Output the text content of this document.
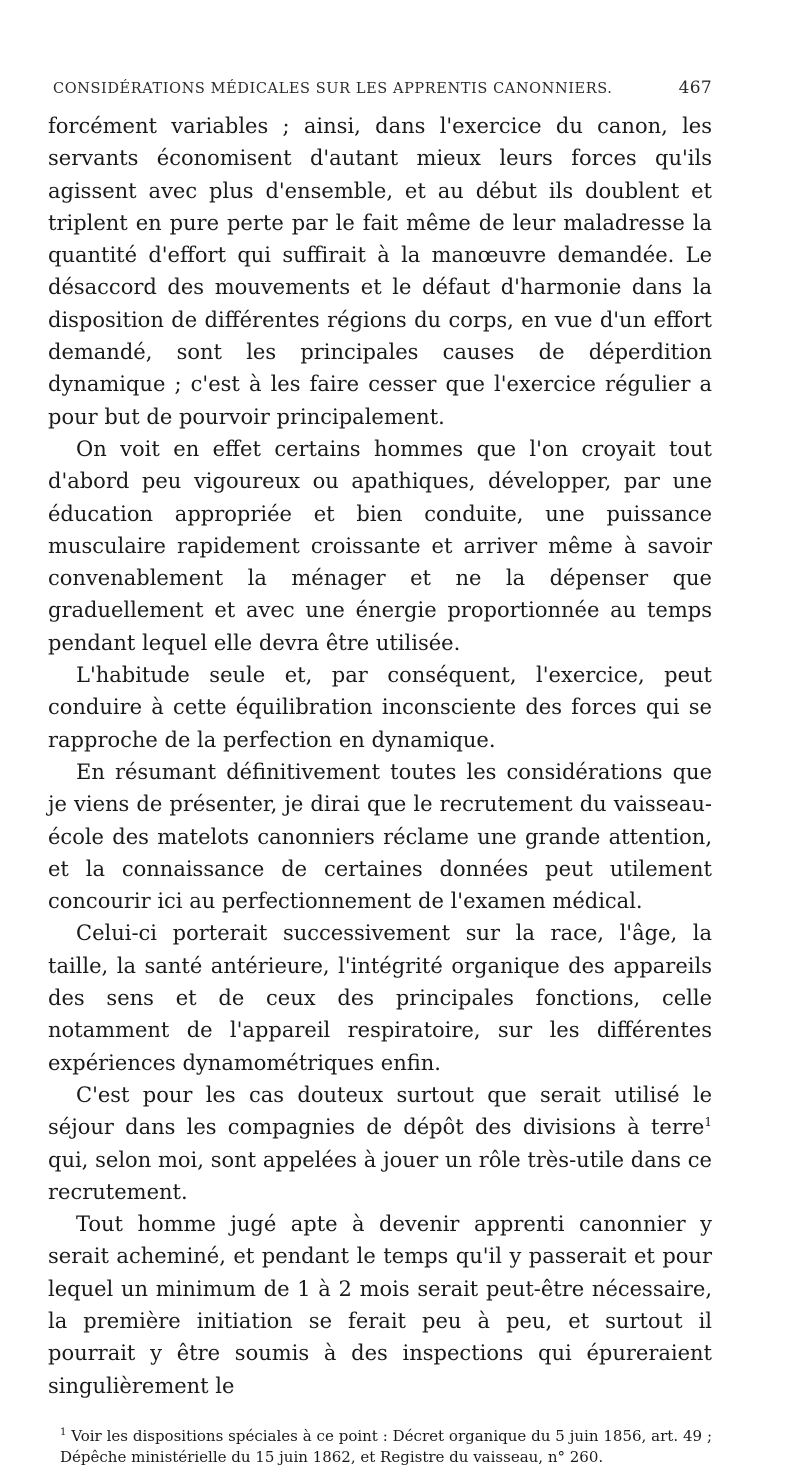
CONSIDÉRATIONS MÉDICALES SUR LES APPRENTIS CANONNIERS.	467

forcément variables ; ainsi, dans l'exercice du canon, les servants économisent d'autant mieux leurs forces qu'ils agissent avec plus d'ensemble, et au début ils doublent et triplent en pure perte par le fait même de leur maladresse la quantité d'effort qui suffirait à la manœuvre demandée. Le désaccord des mouvements et le défaut d'harmonie dans la disposition de différentes régions du corps, en vue d'un effort demandé, sont les principales causes de déperdition dynamique ; c'est à les faire cesser que l'exercice régulier a pour but de pourvoir principalement.

On voit en effet certains hommes que l'on croyait tout d'abord peu vigoureux ou apathiques, développer, par une éducation appropriée et bien conduite, une puissance musculaire rapidement croissante et arriver même à savoir convenablement la ménager et ne la dépenser que graduellement et avec une énergie proportionnée au temps pendant lequel elle devra être utilisée.

L'habitude seule et, par conséquent, l'exercice, peut conduire à cette équilibration inconsciente des forces qui se rapproche de la perfection en dynamique.

En résumant définitivement toutes les considérations que je viens de présenter, je dirai que le recrutement du vaisseau-école des matelots canonniers réclame une grande attention, et la connaissance de certaines données peut utilement concourir ici au perfectionnement de l'examen médical.

Celui-ci porterait successivement sur la race, l'âge, la taille, la santé antérieure, l'intégrité organique des appareils des sens et de ceux des principales fonctions, celle notamment de l'appareil respiratoire, sur les différentes expériences dynamométriques enfin.

C'est pour les cas douteux surtout que serait utilisé le séjour dans les compagnies de dépôt des divisions à terre$^1$ qui, selon moi, sont appelées à jouer un rôle très-utile dans ce recrutement.

Tout homme jugé apte à devenir apprenti canonnier y serait acheminé, et pendant le temps qu'il y passerait et pour lequel un minimum de 1 à 2 mois serait peut-être nécessaire, la première initiation se ferait peu à peu, et surtout il pourrait y être soumis à des inspections qui épureraient singulièrement le

$^1$ Voir les dispositions spéciales à ce point : Décret organique du 5 juin 1856, art. 49 ; Dépêche ministérielle du 15 juin 1862, et Registre du vaisseau, n° 260.
